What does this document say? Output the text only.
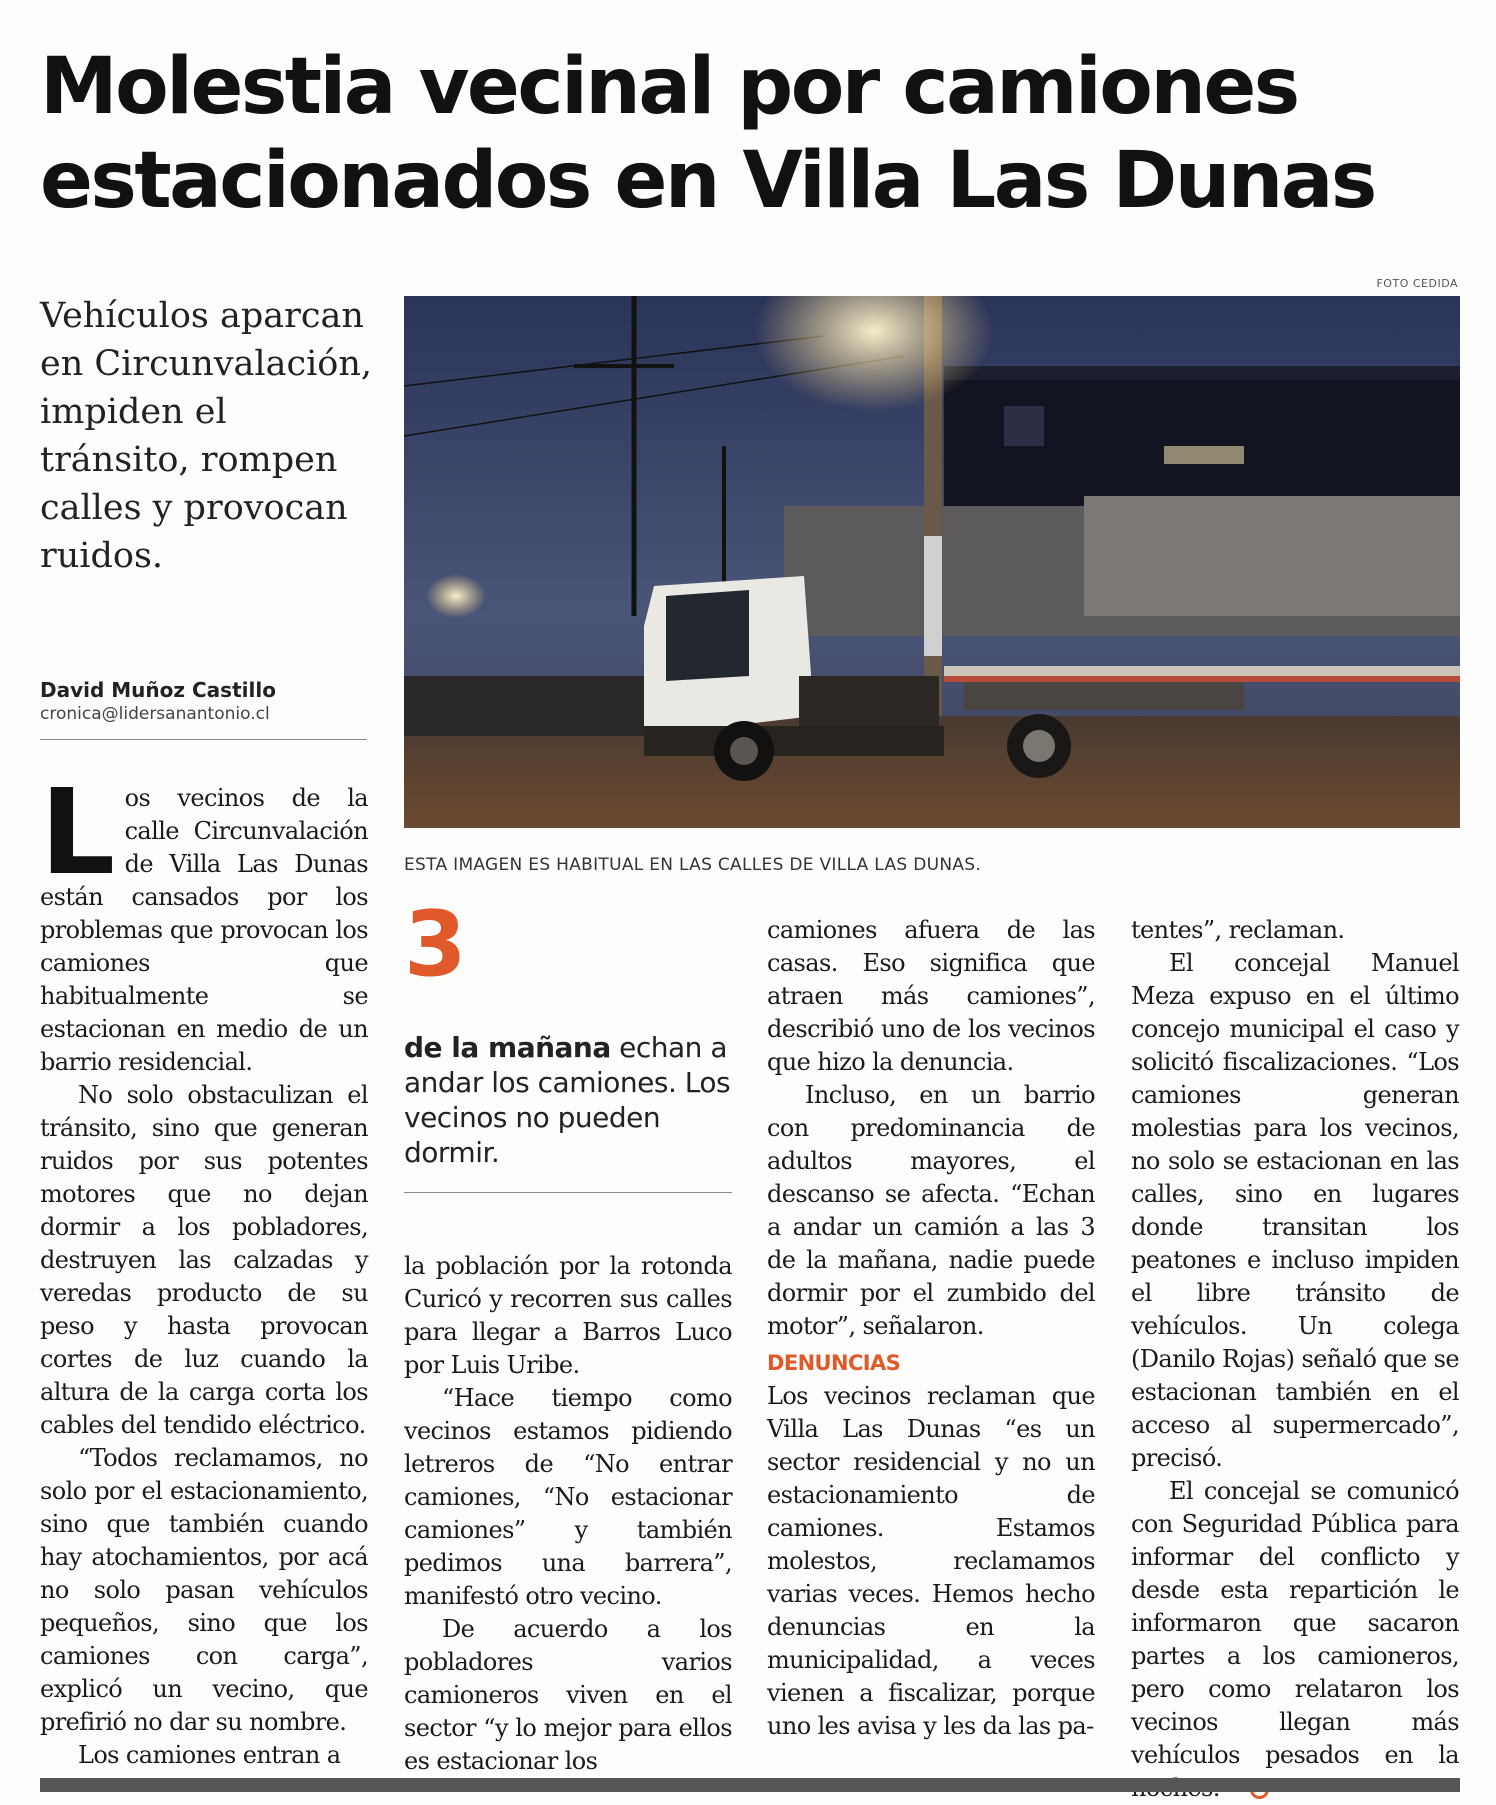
Molestia vecinal por camiones
estacionados en Villa Las Dunas
FOTO CEDIDA
Vehículos aparcan en Circunvalación, impiden el tránsito, rompen calles y provocan ruidos.
David Muñoz Castillo
cronica@lidersanantonio.cl
ESTA IMAGEN ES HABITUAL EN LAS CALLES DE VILLA LAS DUNAS.

Los vecinos de la calle Circunvalación de Villa Las Dunas están cansados por los problemas que provocan los camiones que habitualmente se estacionan en medio de un barrio residencial.

No solo obstaculizan el tránsito, sino que generan ruidos por sus potentes motores que no dejan dormir a los pobladores, destruyen las calzadas y veredas producto de su peso y hasta provocan cortes de luz cuando la altura de la carga corta los cables del tendido eléctrico.

“Todos reclamamos, no solo por el estacionamiento, sino que también cuando hay atochamientos, por acá no solo pasan vehículos pequeños, sino que los camiones con carga”, explicó un vecino, que prefirió no dar su nombre.

Los camiones entran a

3
de la mañana echan a andar los camiones. Los vecinos no pueden dormir.

la población por la rotonda Curicó y recorren sus calles para llegar a Barros Luco por Luis Uribe.

“Hace tiempo como vecinos estamos pidiendo letreros de “No entrar camiones, “No estacionar camiones” y también pedimos una barrera”, manifestó otro vecino.

De acuerdo a los pobladores varios camioneros viven en el sector “y lo mejor para ellos es estacionar los

camiones afuera de las casas. Eso significa que atraen más camiones”, describió uno de los vecinos que hizo la denuncia.

Incluso, en un barrio con predominancia de adultos mayores, el descanso se afecta. “Echan a andar un camión a las 3 de la mañana, nadie puede dormir por el zumbido del motor”, señalaron.

DENUNCIAS

Los vecinos reclaman que Villa Las Dunas “es un sector residencial y no un estacionamiento de camiones. Estamos molestos, reclamamos varias veces. Hemos hecho denuncias en la municipalidad, a veces vienen a fiscalizar, porque uno les avisa y les da las pa-

tentes”, reclaman.

El concejal Manuel Meza expuso en el último concejo municipal el caso y solicitó fiscalizaciones. “Los camiones generan molestias para los vecinos, no solo se estacionan en las calles, sino en lugares donde transitan los peatones e incluso impiden el libre tránsito de vehículos. Un colega (Danilo Rojas) señaló que se estacionan también en el acceso al supermercado”, precisó.

El concejal se comunicó con Seguridad Pública para informar del conflicto y desde esta repartición le informaron que sacaron partes a los camioneros, pero como relataron los vecinos llegan más vehículos pesados en la
